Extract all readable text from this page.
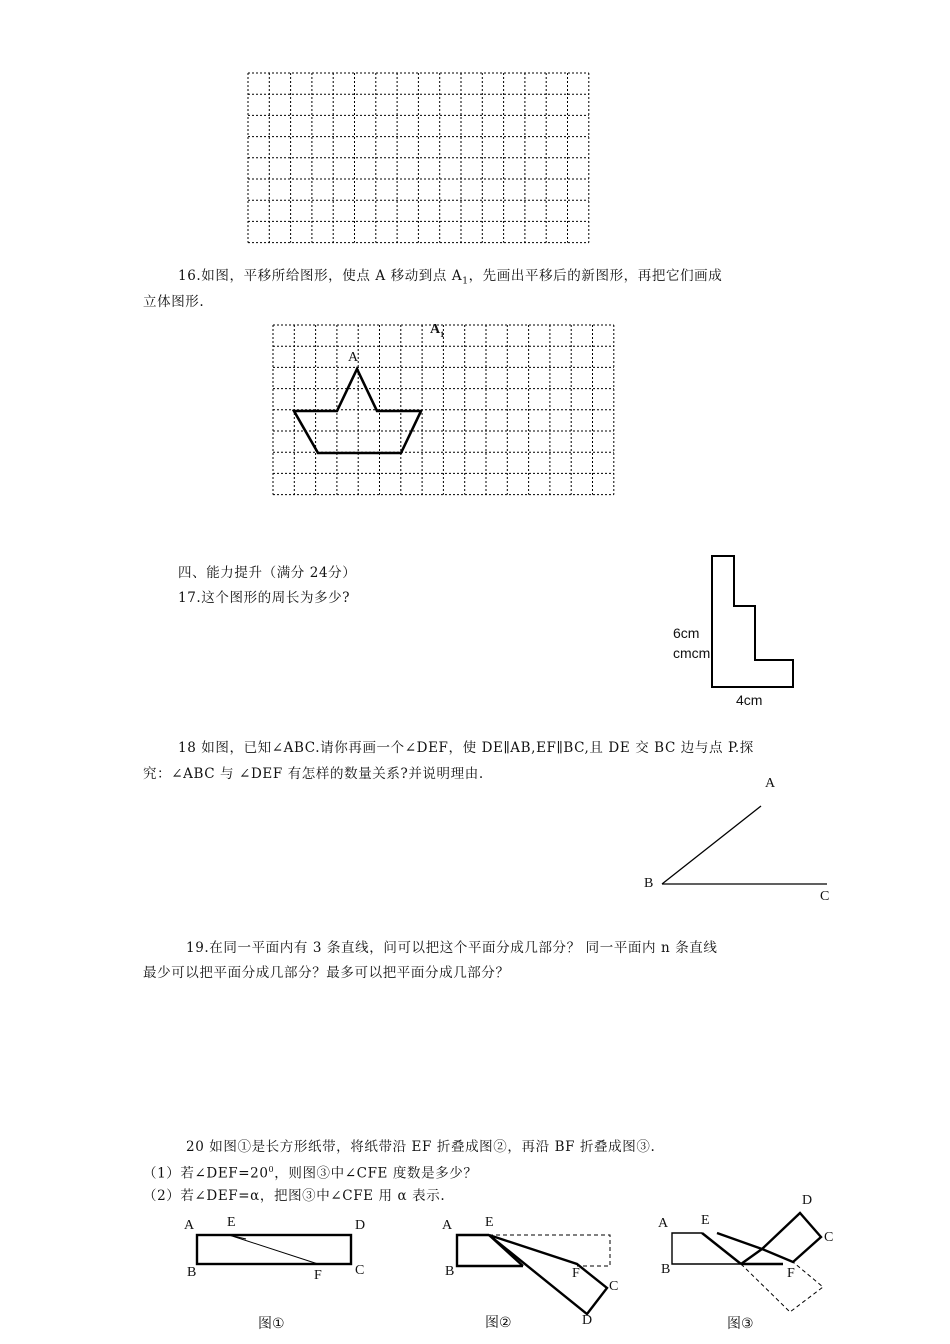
16.如图，平移所给图形，使点 A 移动到点 $A_1$，先画出平移后的新图形，再把它们画成
立体图形.
A
$A_1$
四、能力提升（满分 24分）
17.这个图形的周长为多少?
6cm
cmcm
4cm
18 如图，已知∠ABC.请你再画一个∠DEF，使 DE∥AB,EF∥BC,且 DE 交 BC 边与点 P.探
究：∠ABC 与 ∠DEF 有怎样的数量关系?并说明理由.
A
B
C
19.在同一平面内有 3 条直线，问可以把这个平面分成几部分？ 同一平面内 n 条直线
最少可以把平面分成几部分？最多可以把平面分成几部分？
20 如图①是长方形纸带，将纸带沿 EF 折叠成图②，再沿 BF 折叠成图③.
（1）若$\angle DEF=20^0$，则图③中∠CFE 度数是多少？
（2）若∠DEF=α，把图③中∠CFE 用 α 表示.
A E	D
B	F C
图①
A E
B	F
C
D
图②
A E
D
C
B	F
图③
